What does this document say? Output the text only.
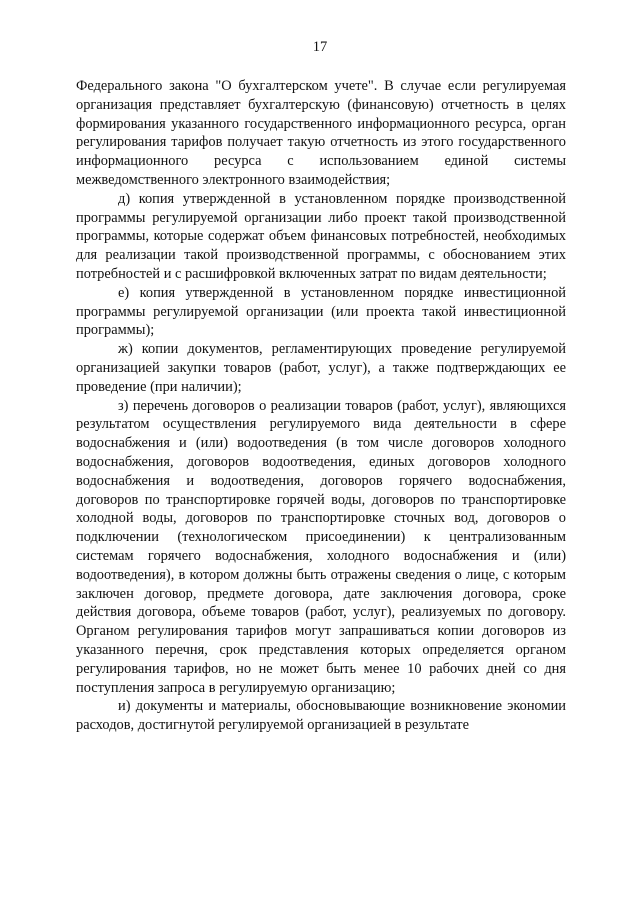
17

Федерального закона "О бухгалтерском учете". В случае если регулируемая организация представляет бухгалтерскую (финансовую) отчетность в целях формирования указанного государственного информационного ресурса, орган регулирования тарифов получает такую отчетность из этого государственного информационного ресурса с использованием единой системы межведомственного электронного взаимодействия;

д) копия утвержденной в установленном порядке производственной программы регулируемой организации либо проект такой производственной программы, которые содержат объем финансовых потребностей, необходимых для реализации такой производственной программы, с обоснованием этих потребностей и с расшифровкой включенных затрат по видам деятельности;

е) копия утвержденной в установленном порядке инвестиционной программы регулируемой организации (или проекта такой инвестиционной программы);

ж) копии документов, регламентирующих проведение регулируемой организацией закупки товаров (работ, услуг), а также подтверждающих ее проведение (при наличии);

з) перечень договоров о реализации товаров (работ, услуг), являющихся результатом осуществления регулируемого вида деятельности в сфере водоснабжения и (или) водоотведения (в том числе договоров холодного водоснабжения, договоров водоотведения, единых договоров холодного водоснабжения и водоотведения, договоров горячего водоснабжения, договоров по транспортировке горячей воды, договоров по транспортировке холодной воды, договоров по транспортировке сточных вод, договоров о подключении (технологическом присоединении) к централизованным системам горячего водоснабжения, холодного водоснабжения и (или) водоотведения), в котором должны быть отражены сведения о лице, с которым заключен договор, предмете договора, дате заключения договора, сроке действия договора, объеме товаров (работ, услуг), реализуемых по договору. Органом регулирования тарифов могут запрашиваться копии договоров из указанного перечня, срок представления которых определяется органом регулирования тарифов, но не может быть менее 10 рабочих дней со дня поступления запроса в регулируемую организацию;

и) документы и материалы, обосновывающие возникновение экономии расходов, достигнутой регулируемой организацией в результате
